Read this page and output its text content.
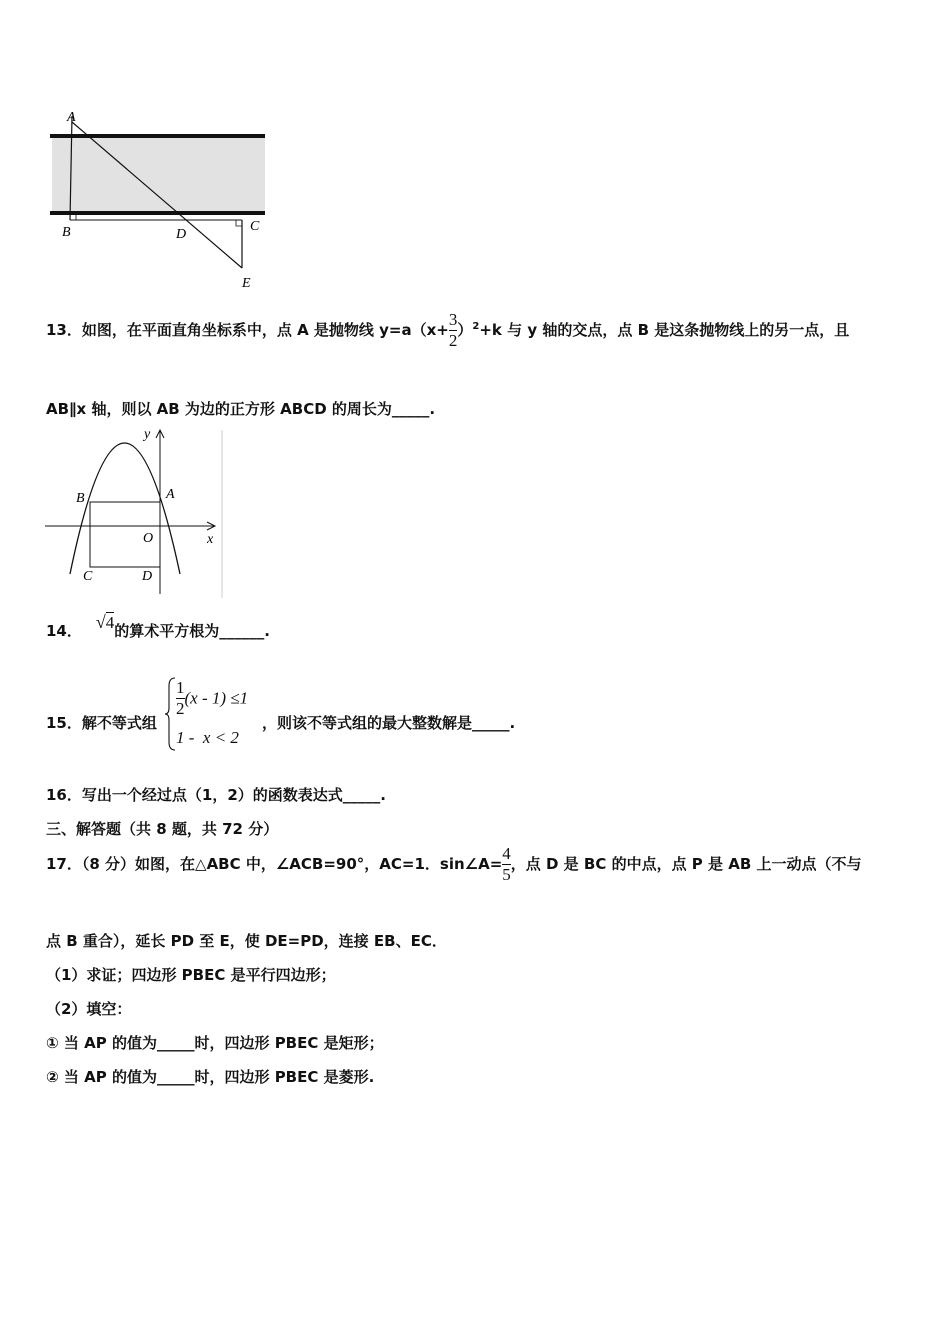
A
B	C
D
E
13．如图，在平面直角坐标系中，点 A 是抛物线 $y=a(x+ \frac{3}{2} )^2+k$ 与 y 轴的交点，点 B 是这条抛物线上的另一点，且
AB∥x 轴，则以 AB 为边的正方形 ABCD 的周长为_____.
y
B	A
O	x
C	D
14． √4的算术平方根为______.
15．解不等式组
$\frac{1}{2} (x - 1) \le 1$
1 -  x < 2
，则该不等式组的最大整数解是_____.
16．写出一个经过点（1，2）的函数表达式_____.
三、解答题（共 8 题，共 72 分）
17．（8 分）如图，在△ABC 中，∠ACB=90°，AC=1．sin∠A= $\frac{4}{5}$ ，点 D 是 BC 的中点，点 P 是 AB 上一动点（不与
点 B 重合），延长 PD 至 E，使 DE=PD，连接 EB、EC．
（1）求证；四边形 PBEC 是平行四边形；
（2）填空：
① 当 AP 的值为_____时，四边形 PBEC 是矩形；
② 当 AP 的值为_____时，四边形 PBEC 是菱形.
